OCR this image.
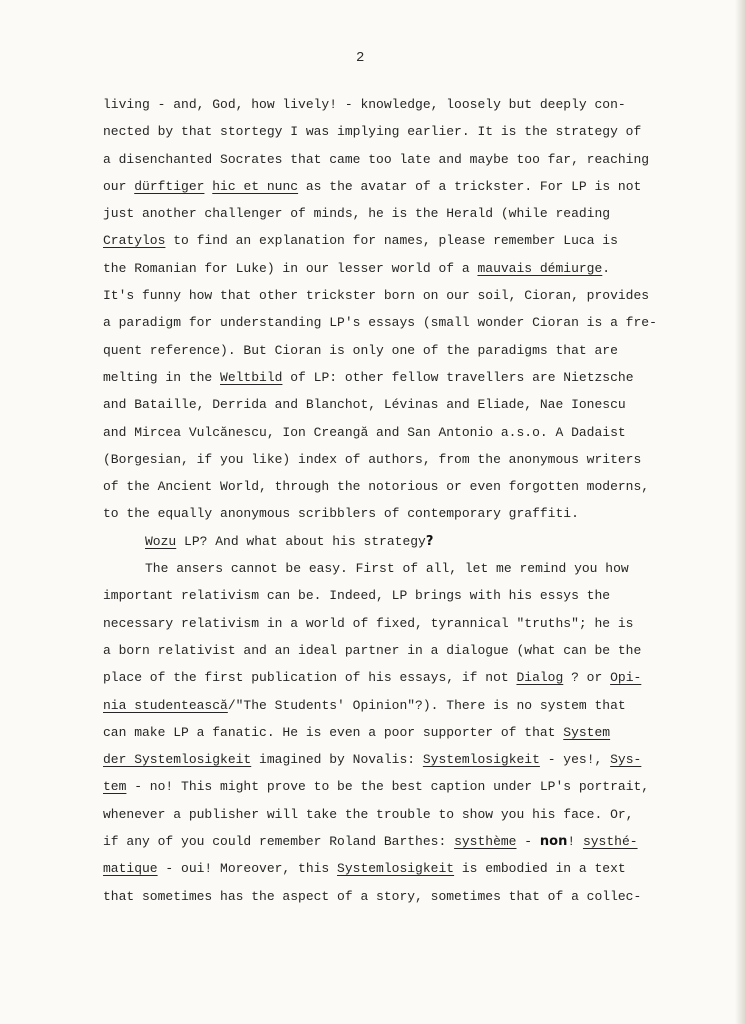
2
living - and, God, how lively! - knowledge, loosely but deeply con-
nected by that stortegy I was implying earlier. It is the strategy of
a disenchanted Socrates that came too late and maybe too far, reaching
our dürftiger hic et nunc as the avatar of a trickster. For LP is not
just another challenger of minds, he is the Herald (while reading
Cratylos to find an explanation for names, please remember Luca is
the Romanian for Luke) in our lesser world of a mauvais démiurge.
It's funny how that other trickster born on our soil, Cioran, provides
a paradigm for understanding LP's essays (small wonder Cioran is a fre-
quent reference). But Cioran is only one of the paradigms that are
melting in the Weltbild of LP: other fellow travellers are Nietzsche
and Bataille, Derrida and Blanchot, Lévinas and Eliade, Nae Ionescu
and Mircea Vulcănescu, Ion Creangă and San Antonio a.s.o. A Dadaist
(Borgesian, if you like) index of authors, from the anonymous writers
of the Ancient World, through the notorious or even forgotten moderns,
to the equally anonymous scribblers of contemporary graffiti.
Wozu LP? And what about his strategy?
The ansers cannot be easy. First of all, let me remind you how
important relativism can be. Indeed, LP brings with his essys the
necessary relativism in a world of fixed, tyrannical "truths"; he is
a born relativist and an ideal partner in a dialogue (what can be the
place of the first publication of his essays, if not Dialog ? or Opi-
nia studentească/"The Students' Opinion"?). There is no system that
can make LP a fanatic. He is even a poor supporter of that System
der Systemlosigkeit imagined by Novalis: Systemlosigkeit - yes!, Sys-
tem - no! This might prove to be the best caption under LP's portrait,
whenever a publisher will take the trouble to show you his face. Or,
if any of you could remember Roland Barthes: systhème - non! systhé-
matique - oui! Moreover, this Systemlosigkeit is embodied in a text
that sometimes has the aspect of a story, sometimes that of a collec-
